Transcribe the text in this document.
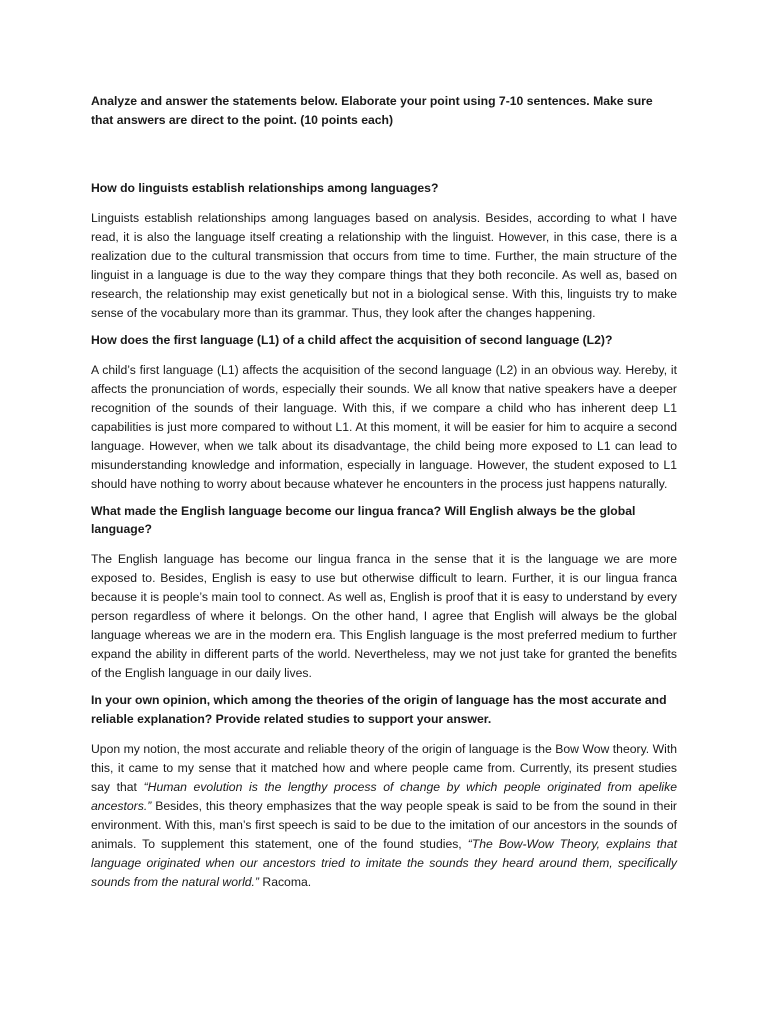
Analyze and answer the statements below. Elaborate your point using 7-10 sentences. Make sure that answers are direct to the point. (10 points each)

How do linguists establish relationships among languages?

Linguists establish relationships among languages based on analysis. Besides, according to what I have read, it is also the language itself creating a relationship with the linguist. However, in this case, there is a realization due to the cultural transmission that occurs from time to time. Further, the main structure of the linguist in a language is due to the way they compare things that they both reconcile. As well as, based on research, the relationship may exist genetically but not in a biological sense. With this, linguists try to make sense of the vocabulary more than its grammar. Thus, they look after the changes happening.

How does the first language (L1) of a child affect the acquisition of second language (L2)?

A child’s first language (L1) affects the acquisition of the second language (L2) in an obvious way. Hereby, it affects the pronunciation of words, especially their sounds. We all know that native speakers have a deeper recognition of the sounds of their language. With this, if we compare a child who has inherent deep L1 capabilities is just more compared to without L1. At this moment, it will be easier for him to acquire a second language. However, when we talk about its disadvantage, the child being more exposed to L1 can lead to misunderstanding knowledge and information, especially in language. However, the student exposed to L1 should have nothing to worry about because whatever he encounters in the process just happens naturally.

What made the English language become our lingua franca? Will English always be the global language?

The English language has become our lingua franca in the sense that it is the language we are more exposed to. Besides, English is easy to use but otherwise difficult to learn. Further, it is our lingua franca because it is people’s main tool to connect. As well as, English is proof that it is easy to understand by every person regardless of where it belongs. On the other hand, I agree that English will always be the global language whereas we are in the modern era. This English language is the most preferred medium to further expand the ability in different parts of the world. Nevertheless, may we not just take for granted the benefits of the English language in our daily lives.

In your own opinion, which among the theories of the origin of language has the most accurate and reliable explanation? Provide related studies to support your answer.

Upon my notion, the most accurate and reliable theory of the origin of language is the Bow Wow theory. With this, it came to my sense that it matched how and where people came from. Currently, its present studies say that “Human evolution is the lengthy process of change by which people originated from apelike ancestors.” Besides, this theory emphasizes that the way people speak is said to be from the sound in their environment. With this, man’s first speech is said to be due to the imitation of our ancestors in the sounds of animals. To supplement this statement, one of the found studies, “The Bow-Wow Theory, explains that language originated when our ancestors tried to imitate the sounds they heard around them, specifically sounds from the natural world.” Racoma.
